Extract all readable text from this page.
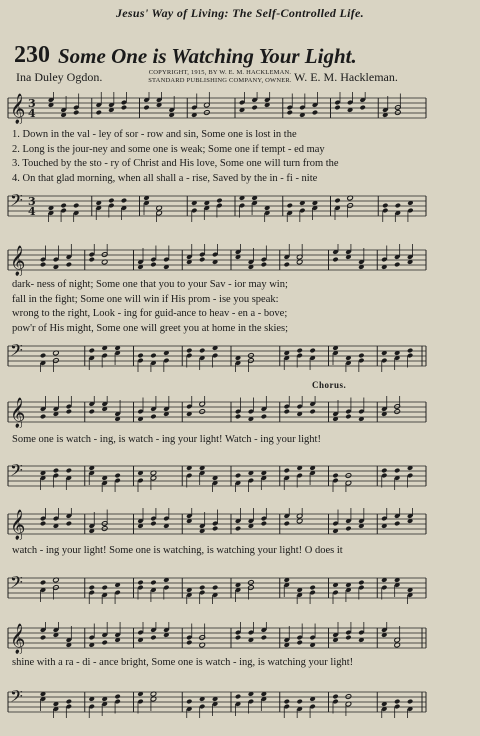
Jesus' Way of Living: The Self-Controlled Life.
230 Some One is Watching Your Light.
Ina Duley Ogdon.	COPYRIGHT, 1915, BY W. E. M. HACKLEMAN.
STANDARD PUBLISHING COMPANY, OWNER. W. E. M. Hackleman.
𝄞 3
4
1. Down in the val - ley of sor - row and sin, Some one is lost in the
2. Long is the jour-ney and some one is weak; Some one if tempt - ed may
3. Touched by the sto - ry of Christ and His love, Some one will turn from the
4. On that glad morning, when all shall a - rise, Saved by the in - fi - nite
𝄢 3
4
𝄞
dark- ness of night; Some one that you to your Sav - ior may win;
fall in the fight; Some one will win if His prom - ise you speak:
wrong to the right, Look - ing for guid-ance to heav - en a - bove;
pow'r of His might, Some one will greet you at home in the skies;
𝄢
Chorus.
𝄞
Some one is watch - ing, is watch - ing your light! Watch - ing your light!
𝄢
𝄞
watch - ing your light! Some one is watching, is watching your light! O does it
𝄢
𝄞
shine with a ra - di - ance bright, Some one is watch - ing, is watching your light!
𝄢
